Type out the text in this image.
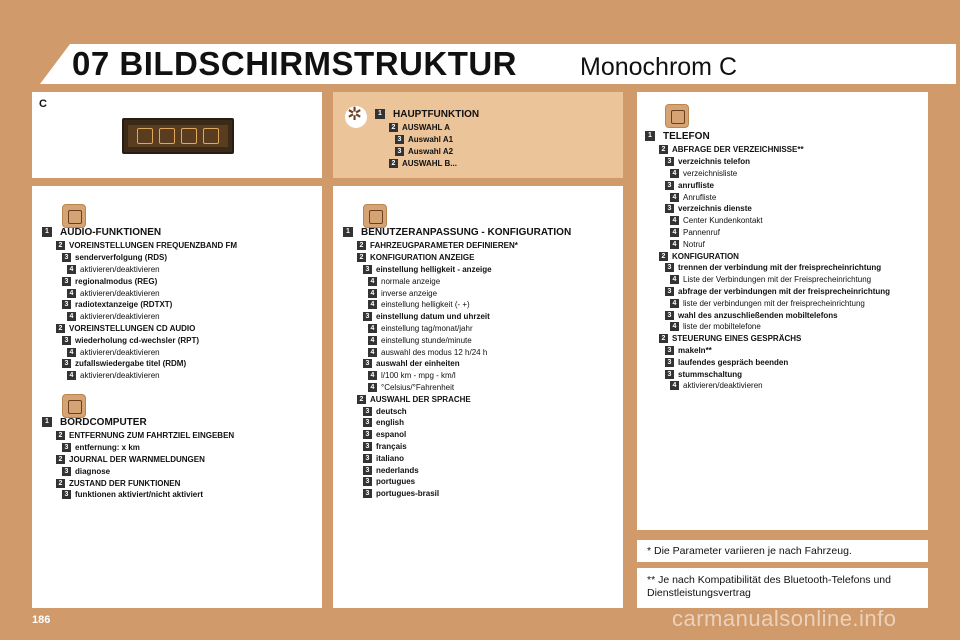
07 BILDSCHIRMSTRUKTUR	Monochrom C
C
1	AUDIO-FUNKTIONEN
2 VOREINSTELLUNGEN FREQUENZBAND FM
3 senderverfolgung (RDS)
4 aktivieren/deaktivieren
3 regionalmodus (REG)
4 aktivieren/deaktivieren
3 radiotextanzeige (RDTXT)
4 aktivieren/deaktivieren
2 VOREINSTELLUNGEN CD AUDIO
3 wiederholung cd-wechsler (RPT)
4 aktivieren/deaktivieren
3 zufallswiedergabe titel (RDM)
4 aktivieren/deaktivieren
1	BORDCOMPUTER
2 ENTFERNUNG ZUM FAHRTZIEL EINGEBEN
3 entfernung: x km
2 JOURNAL DER WARNMELDUNGEN
3 diagnose
2 ZUSTAND DER FUNKTIONEN
3 funktionen aktiviert/nicht aktiviert
✲
1	HAUPTFUNKTION
2 AUSWAHL A
3 Auswahl A1
3 Auswahl A2
2 AUSWAHL B...
1	BENUTZERANPASSUNG - KONFIGURATION
2 FAHRZEUGPARAMETER DEFINIEREN*
2 KONFIGURATION ANZEIGE
3 einstellung helligkeit - anzeige
4 normale anzeige
4 inverse anzeige
4 einstellung helligkeit (- +)
3 einstellung datum und uhrzeit
4 einstellung tag/monat/jahr
4 einstellung stunde/minute
4 auswahl des modus 12 h/24 h
3 auswahl der einheiten
4 l/100 km - mpg - km/l
4 °Celsius/°Fahrenheit
2 AUSWAHL DER SPRACHE
3 deutsch
3 english
3 espanol
3 français
3 italiano
3 nederlands
3 portugues
3 portugues-brasil
1	TELEFON
2 ABFRAGE DER VERZEICHNISSE**
3 verzeichnis telefon
4 verzeichnisliste
3 anrufliste
4 Anrufliste
3 verzeichnis dienste
4 Center Kundenkontakt
4 Pannenruf
4 Notruf
2 KONFIGURATION
3 trennen der verbindung mit der freisprecheinrichtung
4 Liste der Verbindungen mit der Freisprecheinrichtung
3 abfrage der verbindungen mit der freisprecheinrichtung
4 liste der verbindungen mit der freisprecheinrichtung
3 wahl des anzuschließenden mobiltelefons
4 liste der mobiltelefone
2 STEUERUNG EINES GESPRÄCHS
3 makeln**
3 laufendes gespräch beenden
3 stummschaltung
4 aktivieren/deaktivieren
* Die Parameter variieren je nach Fahrzeug.
** Je nach Kompatibilität des Bluetooth-Telefons und Dienstleistungsvertrag
186	carmanualsonline.info
